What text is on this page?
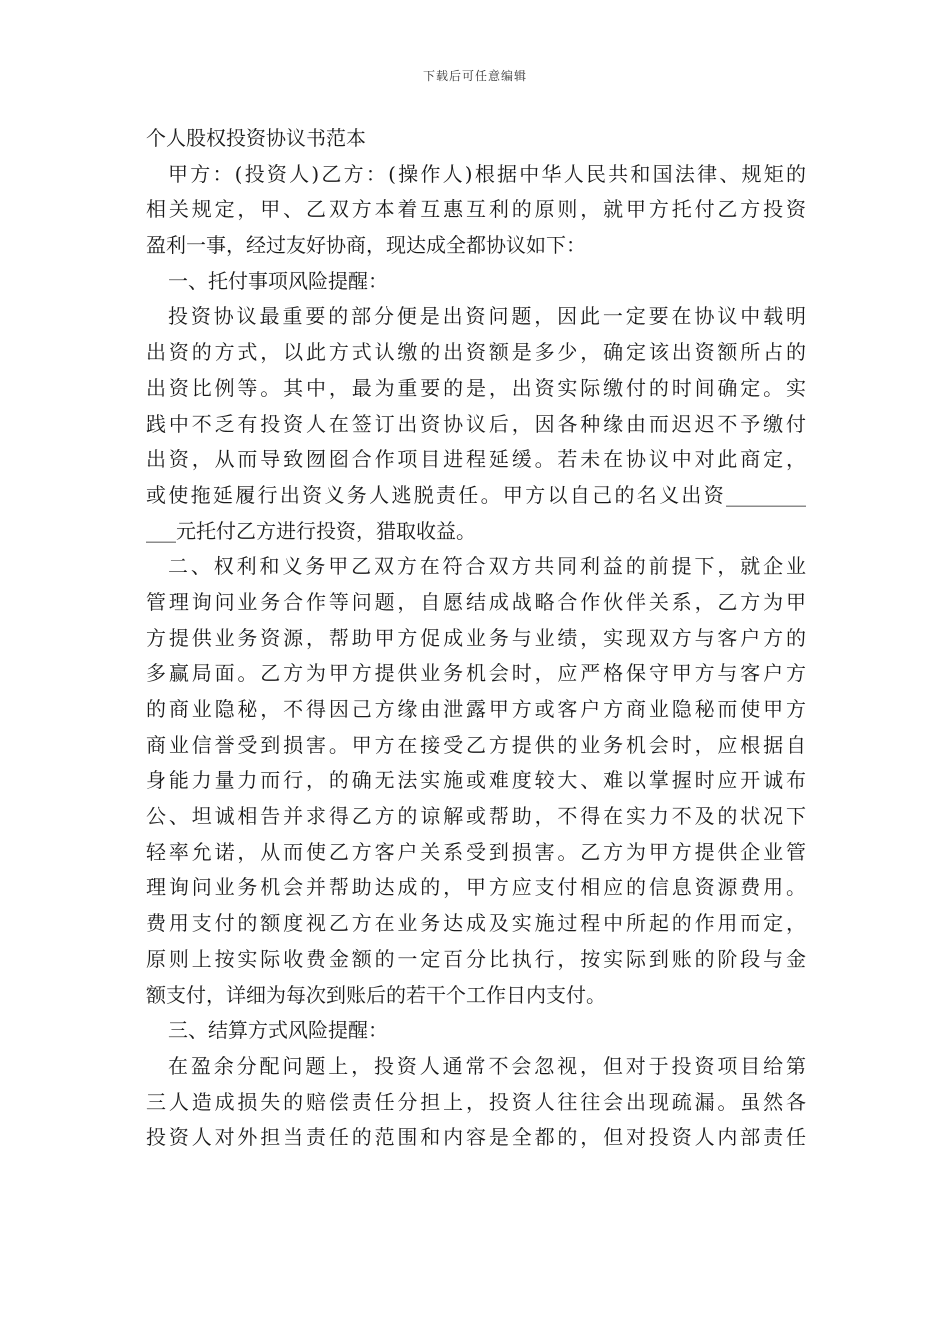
下载后可任意编辑
个人股权投资协议书范本
甲方：(投资人)乙方：(操作人)根据中华人民共和国法律、规矩的
相关规定，甲、乙双方本着互惠互利的原则，就甲方托付乙方投资
盈利一事，经过友好协商，现达成全都协议如下：
一、托付事项风险提醒：
投资协议最重要的部分便是出资问题，因此一定要在协议中载明
出资的方式，以此方式认缴的出资额是多少，确定该出资额所占的
出资比例等。其中，最为重要的是，出资实际缴付的时间确定。实
践中不乏有投资人在签订出资协议后，因各种缘由而迟迟不予缴付
出资，从而导致囫囵合作项目进程延缓。若未在协议中对此商定，
或使拖延履行出资义务人逃脱责任。甲方以自己的名义出资________
___元托付乙方进行投资，猎取收益。
二、权利和义务甲乙双方在符合双方共同利益的前提下，就企业
管理询问业务合作等问题，自愿结成战略合作伙伴关系，乙方为甲
方提供业务资源，帮助甲方促成业务与业绩，实现双方与客户方的
多赢局面。乙方为甲方提供业务机会时，应严格保守甲方与客户方
的商业隐秘，不得因己方缘由泄露甲方或客户方商业隐秘而使甲方
商业信誉受到损害。甲方在接受乙方提供的业务机会时，应根据自
身能力量力而行，的确无法实施或难度较大、难以掌握时应开诚布
公、坦诚相告并求得乙方的谅解或帮助，不得在实力不及的状况下
轻率允诺，从而使乙方客户关系受到损害。乙方为甲方提供企业管
理询问业务机会并帮助达成的，甲方应支付相应的信息资源费用。
费用支付的额度视乙方在业务达成及实施过程中所起的作用而定，
原则上按实际收费金额的一定百分比执行，按实际到账的阶段与金
额支付，详细为每次到账后的若干个工作日内支付。
三、结算方式风险提醒：
在盈余分配问题上，投资人通常不会忽视，但对于投资项目给第
三人造成损失的赔偿责任分担上，投资人往往会出现疏漏。虽然各
投资人对外担当责任的范围和内容是全都的，但对投资人内部责任
